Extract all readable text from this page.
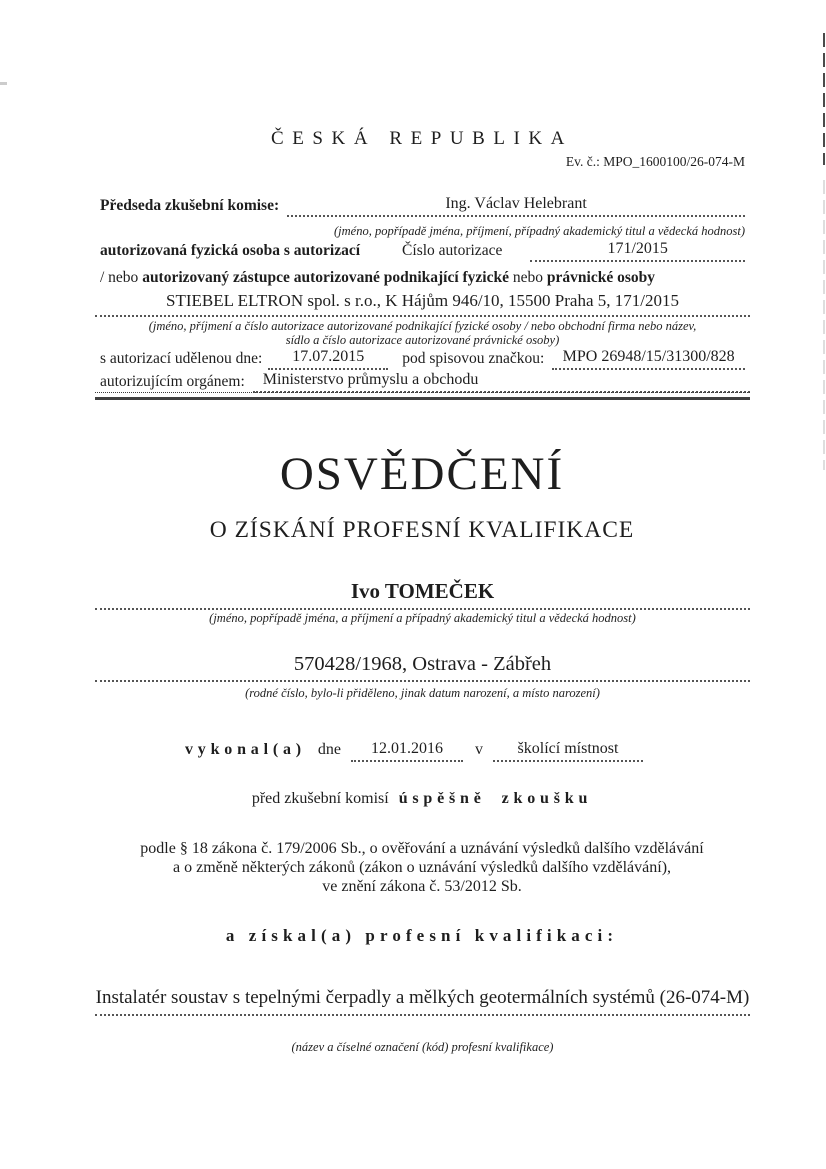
ČESKÁ REPUBLIKA
Ev. č.: MPO_1600100/26-074-M
Předseda zkušební komise:	Ing. Václav Helebrant
(jméno, popřípadě jména, příjmení, případný akademický titul a vědecká hodnost)
autorizovaná fyzická osoba s autorizací	Číslo autorizace	171/2015
/ nebo autorizovaný zástupce autorizované podnikající fyzické nebo právnické osoby
STIEBEL ELTRON spol. s r.o., K Hájům 946/10, 15500 Praha 5, 171/2015
(jméno, příjmení a číslo autorizace autorizované podnikající fyzické osoby / nebo obchodní firma nebo název,
sídlo a číslo autorizace autorizované právnické osoby)
s autorizací udělenou dne:	17.07.2015	pod spisovou značkou:	MPO 26948/15/31300/828
autorizujícím orgánem:	Ministerstvo průmyslu a obchodu
OSVĚDČENÍ
O ZÍSKÁNÍ PROFESNÍ KVALIFIKACE
Ivo TOMEČEK
(jméno, popřípadě jména, a příjmení a případný akademický titul a vědecká hodnost)
570428/1968, Ostrava - Zábřeh
(rodné číslo, bylo-li přiděleno, jinak datum narození, a místo narození)
vykonal(a) dne	12.01.2016	v	školící místnost
před zkušební komisí úspěšně zkoušku
podle § 18 zákona č. 179/2006 Sb., o ověřování a uznávání výsledků dalšího vzdělávání
a o změně některých zákonů (zákon o uznávání výsledků dalšího vzdělávání),
ve znění zákona č. 53/2012 Sb.
a získal(a) profesní kvalifikaci:
Instalatér soustav s tepelnými čerpadly a mělkých geotermálních systémů (26-074-M)
(název a číselné označení (kód) profesní kvalifikace)
